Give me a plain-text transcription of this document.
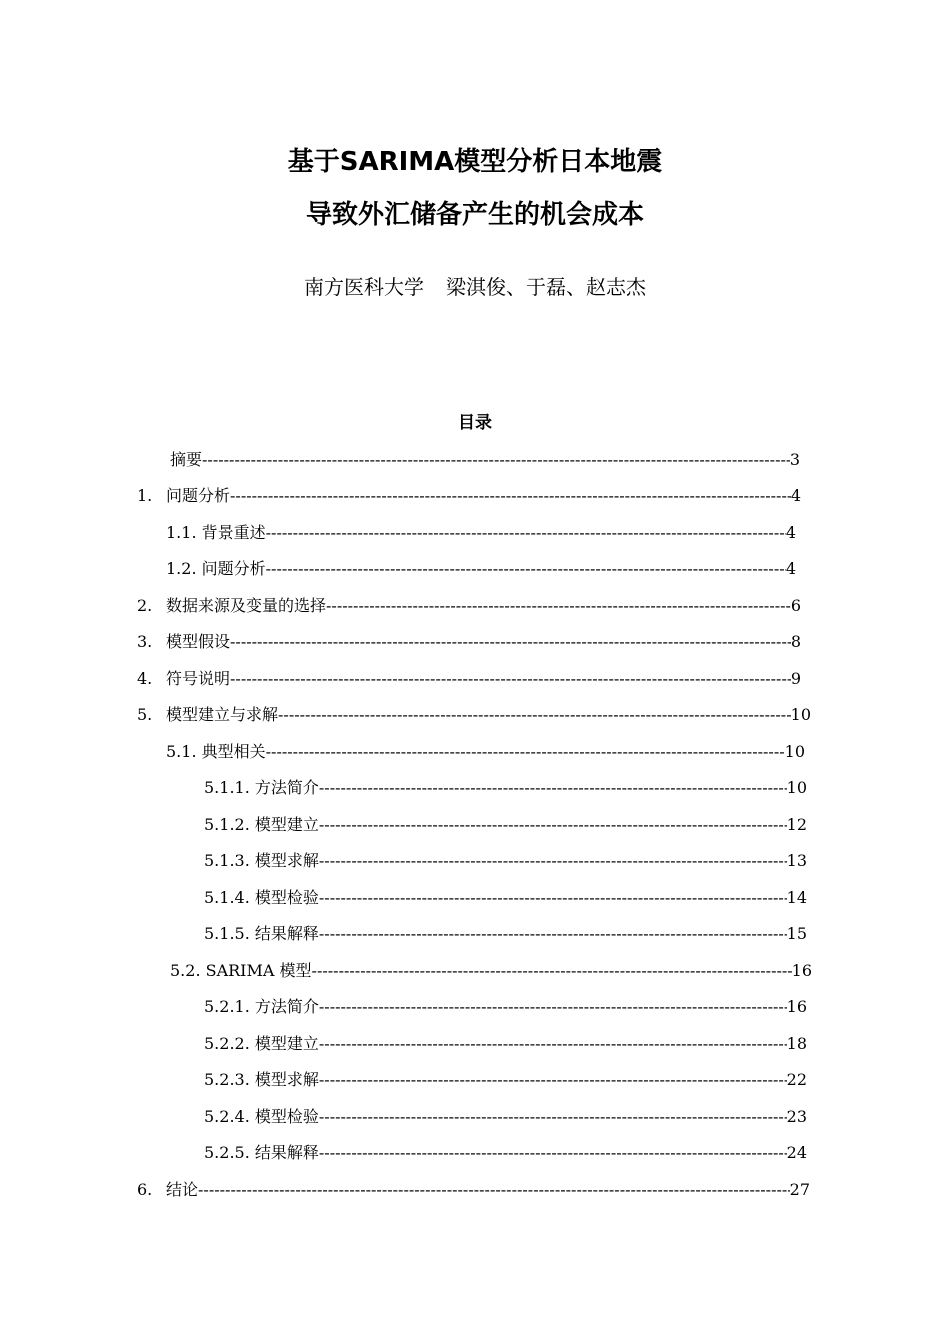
基于SARIMA模型分析日本地震
导致外汇储备产生的机会成本
南方医科大学 梁淇俊、于磊、赵志杰
目录
摘要 -----	3
1. 问题分析 -----	4
1.1. 背景重述 -----	4
1.2. 问题分析 -----	4
2. 数据来源及变量的选择 -----	6
3. 模型假设 -----	8
4. 符号说明 -----	9
5. 模型建立与求解 -----	10
5.1. 典型相关 -----	10
5.1.1. 方法简介 -----	10
5.1.2. 模型建立 -----	12
5.1.3. 模型求解 -----	13
5.1.4. 模型检验 -----	14
5.1.5. 结果解释 -----	15
5.2. SARIMA 模型 -----	16
5.2.1. 方法简介 -----	16
5.2.2. 模型建立 -----	18
5.2.3. 模型求解 -----	22
5.2.4. 模型检验 -----	23
5.2.5. 结果解释 -----	24
6. 结论 -----	27
